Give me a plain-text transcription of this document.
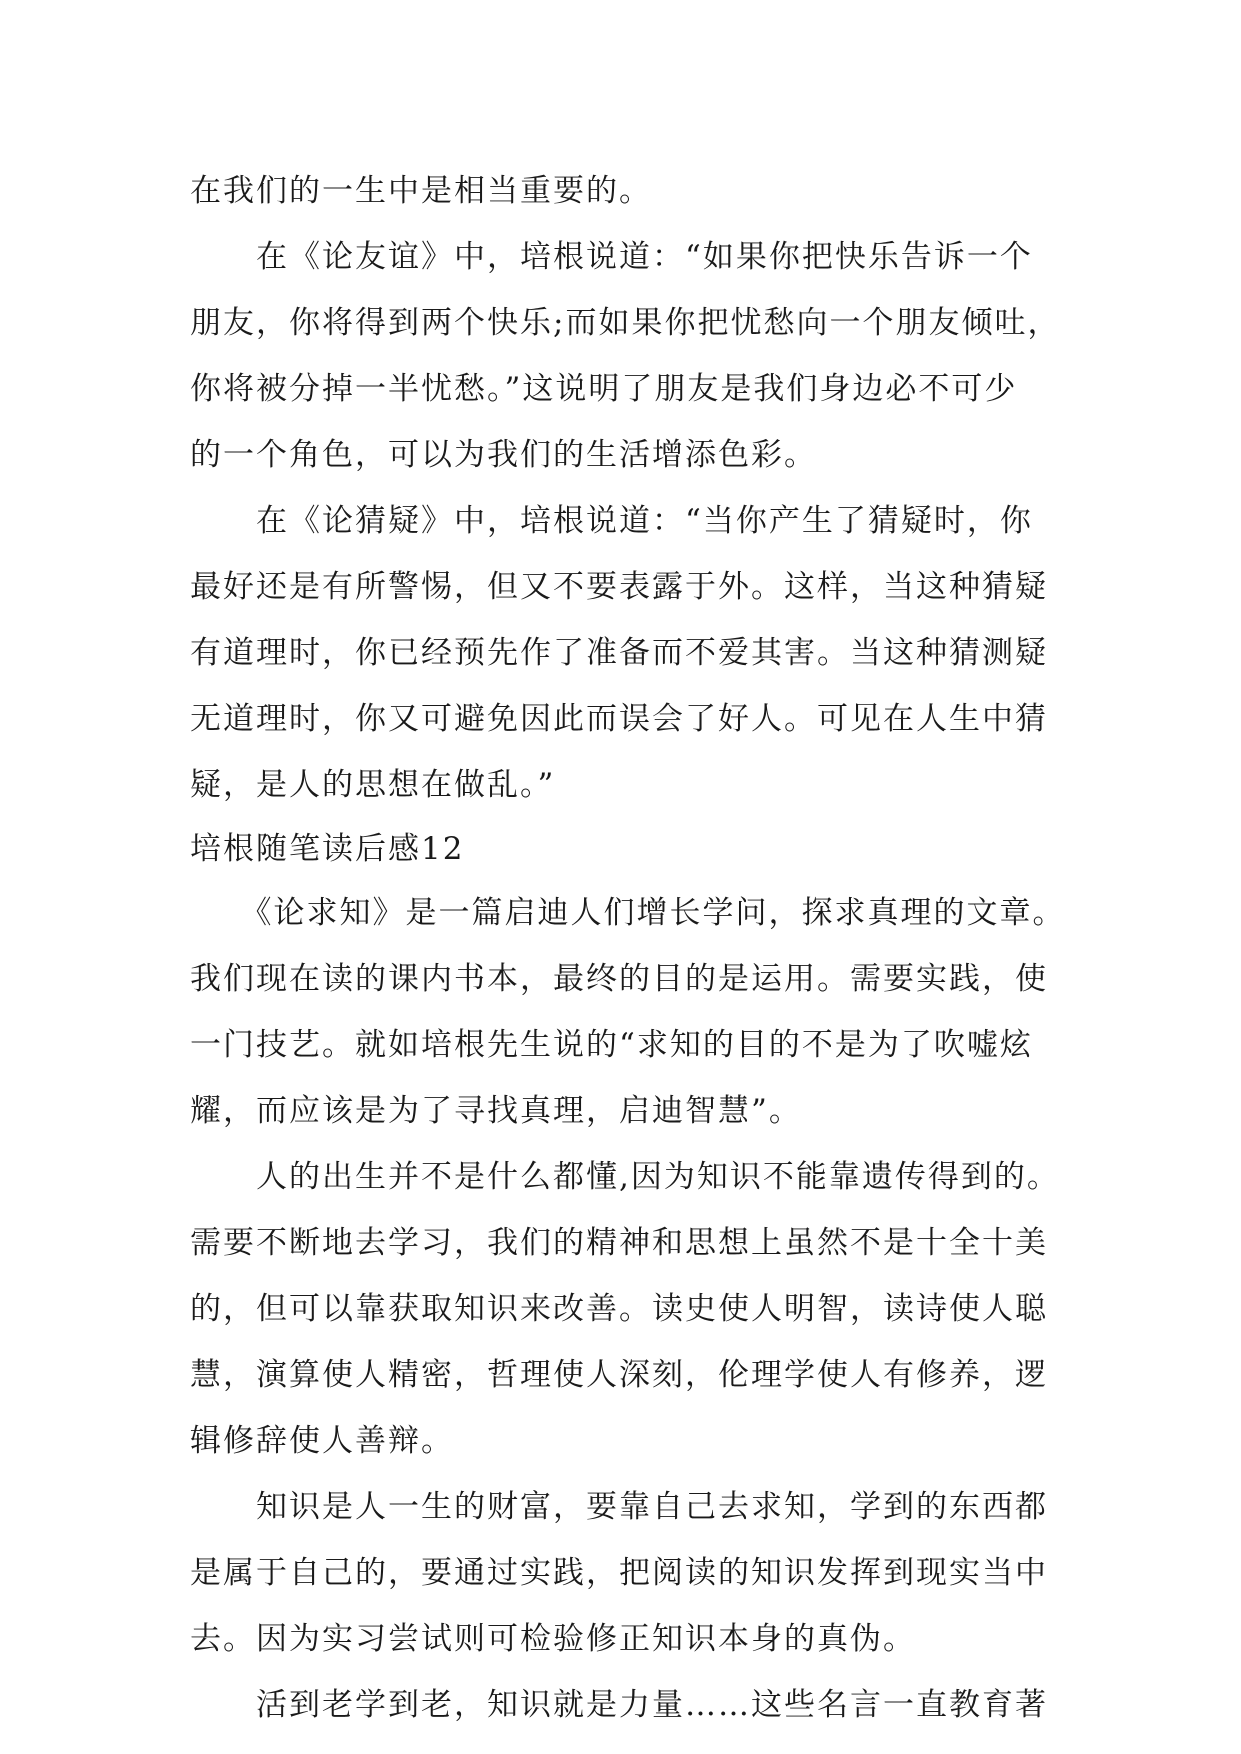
在我们的一生中是相当重要的。
　　在《论友谊》中，培根说道：“如果你把快乐告诉一个
朋友，你将得到两个快乐;而如果你把忧愁向一个朋友倾吐，
你将被分掉一半忧愁。”这说明了朋友是我们身边必不可少
的一个角色，可以为我们的生活增添色彩。
　　在《论猜疑》中，培根说道：“当你产生了猜疑时，你
最好还是有所警惕，但又不要表露于外。这样，当这种猜疑
有道理时，你已经预先作了准备而不爱其害。当这种猜测疑
无道理时，你又可避免因此而误会了好人。可见在人生中猜
疑，是人的思想在做乱。”
培根随笔读后感12
　　《论求知》是一篇启迪人们增长学问，探求真理的文章。
我们现在读的课内书本，最终的目的是运用。需要实践，使
一门技艺。就如培根先生说的“求知的目的不是为了吹嘘炫
耀，而应该是为了寻找真理，启迪智慧”。
　　人的出生并不是什么都懂,因为知识不能靠遗传得到的。
需要不断地去学习，我们的精神和思想上虽然不是十全十美
的，但可以靠获取知识来改善。读史使人明智，读诗使人聪
慧，演算使人精密，哲理使人深刻，伦理学使人有修养，逻
辑修辞使人善辩。
　　知识是人一生的财富，要靠自己去求知，学到的东西都
是属于自己的，要通过实践，把阅读的知识发挥到现实当中
去。因为实习尝试则可检验修正知识本身的真伪。
　　活到老学到老，知识就是力量……这些名言一直教育著
